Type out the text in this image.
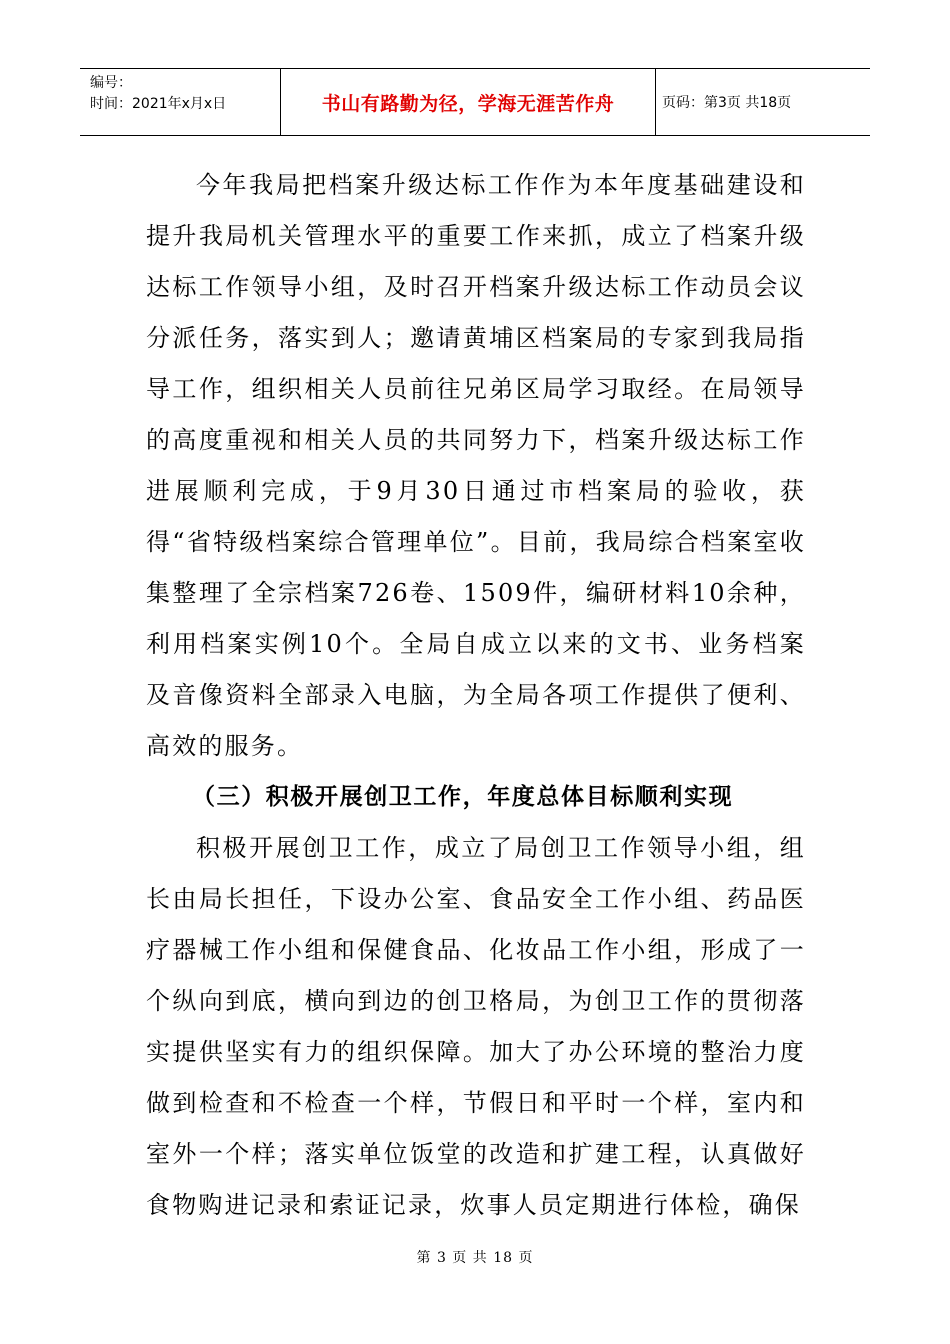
编号：
时间：2021年x月x日	书山有路勤为径，学海无涯苦作舟	页码：第3页 共18页

今年我局把档案升级达标工作作为本年度基础建设和提升我局机关管理水平的重要工作来抓，成立了档案升级达标工作领导小组，及时召开档案升级达标工作动员会议分派任务，落实到人；邀请黄埔区档案局的专家到我局指导工作，组织相关人员前往兄弟区局学习取经。在局领导的高度重视和相关人员的共同努力下，档案升级达标工作进展顺利完成，于9月30日通过市档案局的验收，获得“省特级档案综合管理单位”。目前，我局综合档案室收集整理了全宗档案726卷、1509件，编研材料10余种，利用档案实例10个。全局自成立以来的文书、业务档案及音像资料全部录入电脑，为全局各项工作提供了便利、高效的服务。

（三）积极开展创卫工作，年度总体目标顺利实现

积极开展创卫工作，成立了局创卫工作领导小组，组长由局长担任，下设办公室、食品安全工作小组、药品医疗器械工作小组和保健食品、化妆品工作小组，形成了一个纵向到底，横向到边的创卫格局，为创卫工作的贯彻落实提供坚实有力的组织保障。加大了办公环境的整治力度做到检查和不检查一个样，节假日和平时一个样，室内和室外一个样；落实单位饭堂的改造和扩建工程，认真做好食物购进记录和索证记录，炊事人员定期进行体检，确保

第 3 页 共 18 页
